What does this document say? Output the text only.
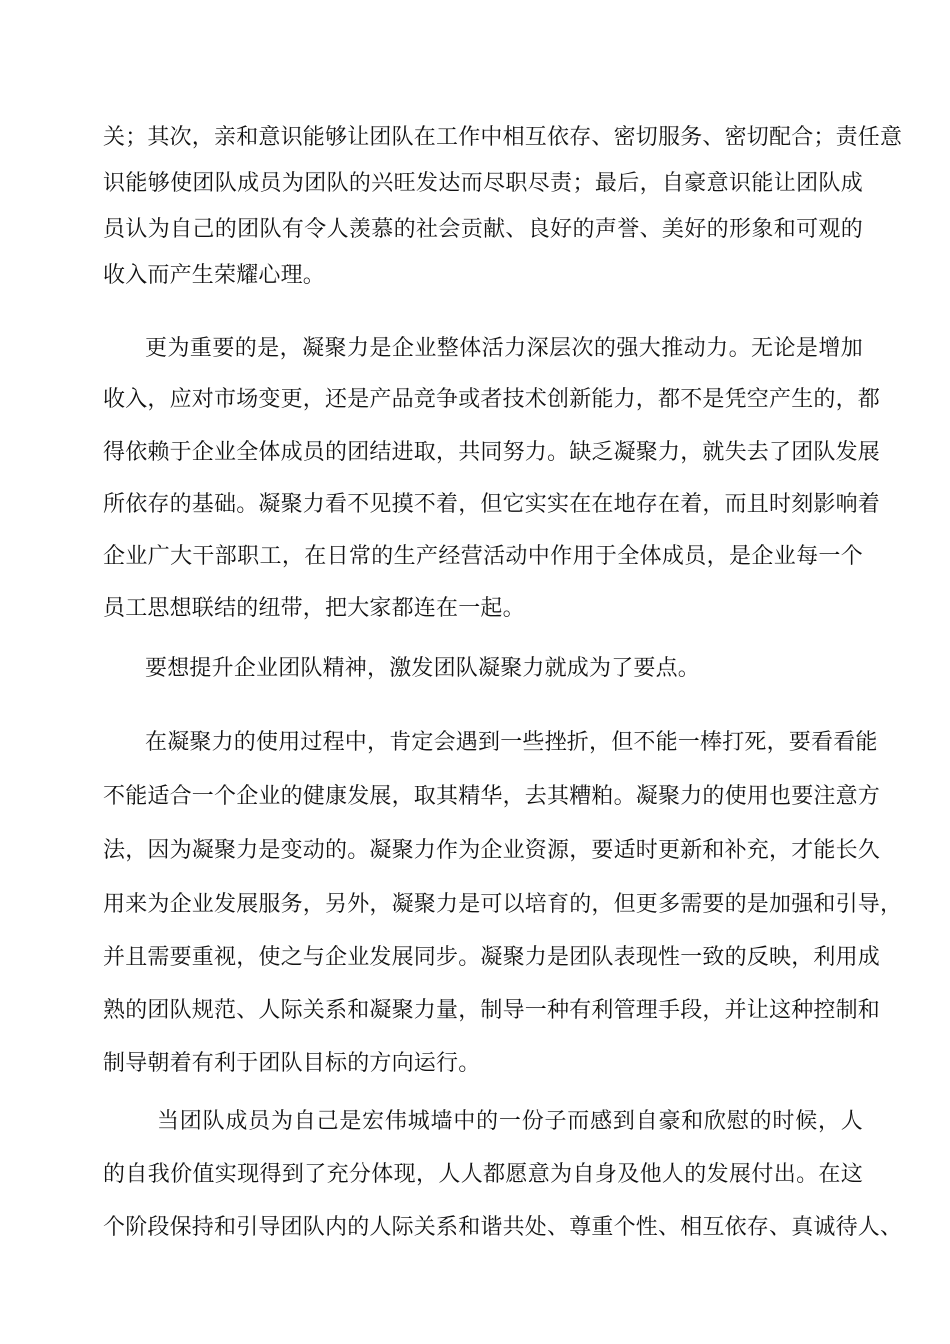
关；其次，亲和意识能够让团队在工作中相互依存、密切服务、密切配合；责任意

识能够使团队成员为团队的兴旺发达而尽职尽责；最后，自豪意识能让团队成

员认为自己的团队有令人羡慕的社会贡献、良好的声誉、美好的形象和可观的

收入而产生荣耀心理。

更为重要的是，凝聚力是企业整体活力深层次的强大推动力。无论是增加

收入，应对市场变更，还是产品竞争或者技术创新能力，都不是凭空产生的，都

得依赖于企业全体成员的团结进取，共同努力。缺乏凝聚力，就失去了团队发展

所依存的基础。凝聚力看不见摸不着，但它实实在在地存在着，而且时刻影响着

企业广大干部职工，在日常的生产经营活动中作用于全体成员，是企业每一个

员工思想联结的纽带，把大家都连在一起。

要想提升企业团队精神，激发团队凝聚力就成为了要点。

在凝聚力的使用过程中，肯定会遇到一些挫折，但不能一棒打死，要看看能

不能适合一个企业的健康发展，取其精华，去其糟粕。凝聚力的使用也要注意方

法，因为凝聚力是变动的。凝聚力作为企业资源，要适时更新和补充，才能长久

用来为企业发展服务，另外，凝聚力是可以培育的，但更多需要的是加强和引导，

并且需要重视，使之与企业发展同步。凝聚力是团队表现性一致的反映，利用成

熟的团队规范、人际关系和凝聚力量，制导一种有利管理手段，并让这种控制和

制导朝着有利于团队目标的方向运行。

当团队成员为自己是宏伟城墙中的一份子而感到自豪和欣慰的时候，人

的自我价值实现得到了充分体现，人人都愿意为自身及他人的发展付出。在这

个阶段保持和引导团队内的人际关系和谐共处、尊重个性、相互依存、真诚待人、
